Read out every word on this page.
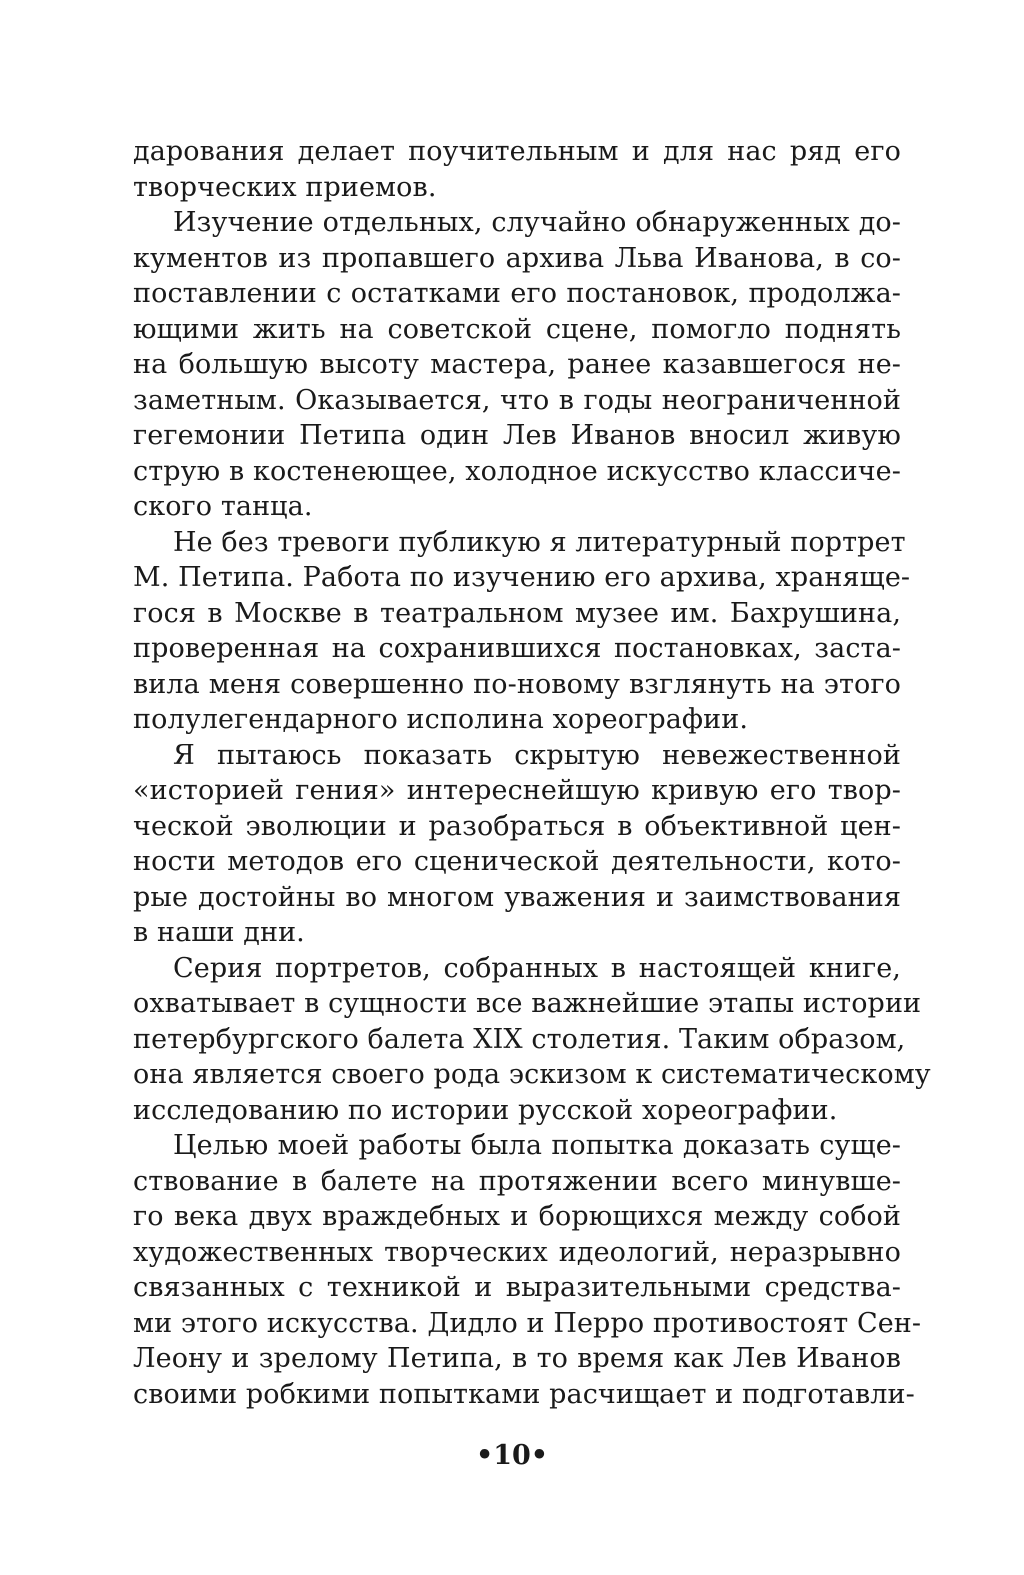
дарования делает поучительным и для нас ряд его
творческих приемов.
Изучение отдельных, случайно обнаруженных до-
кументов из пропавшего архива Льва Иванова, в со-
поставлении с остатками его постановок, продолжа-
ющими жить на советской сцене, помогло поднять
на большую высоту мастера, ранее казавшегося не-
заметным. Оказывается, что в годы неограниченной
гегемонии Петипа один Лев Иванов вносил живую
струю в костенеющее, холодное искусство классиче-
ского танца.
Не без тревоги публикую я литературный портрет
М. Петипа. Работа по изучению его архива, хранящe-
гося в Москве в театральном музее им. Бахрушина,
проверенная на сохранившихся постановках, заста-
вила меня совершенно по-новому взглянуть на этого
полулегендарного исполина хореографии.
Я пытаюсь показать скрытую невежественной
«историей гения» интереснейшую кривую его твор-
ческой эволюции и разобраться в объективной цен-
ности методов его сценической деятельности, кото-
рые достойны во многом уважения и заимствования
в наши дни.
Серия портретов, собранных в настоящей книге,
охватывает в сущности все важнейшие этапы истории
петербургского балета XIX столетия. Таким образом,
она является своего рода эскизом к систематическому
исследованию по истории русской хореографии.
Целью моей работы была попытка доказать суще-
ствование в балете на протяжении всего минувше-
го века двух враждебных и борющихся между собой
художественных творческих идеологий, неразрывно
связанных с техникой и выразительными средства-
ми этого искусства. Дидло и Перро противостоят Сен-
Леону и зрелому Петипа, в то время как Лев Иванов
своими робкими попытками расчищает и подготавли-
•10•
